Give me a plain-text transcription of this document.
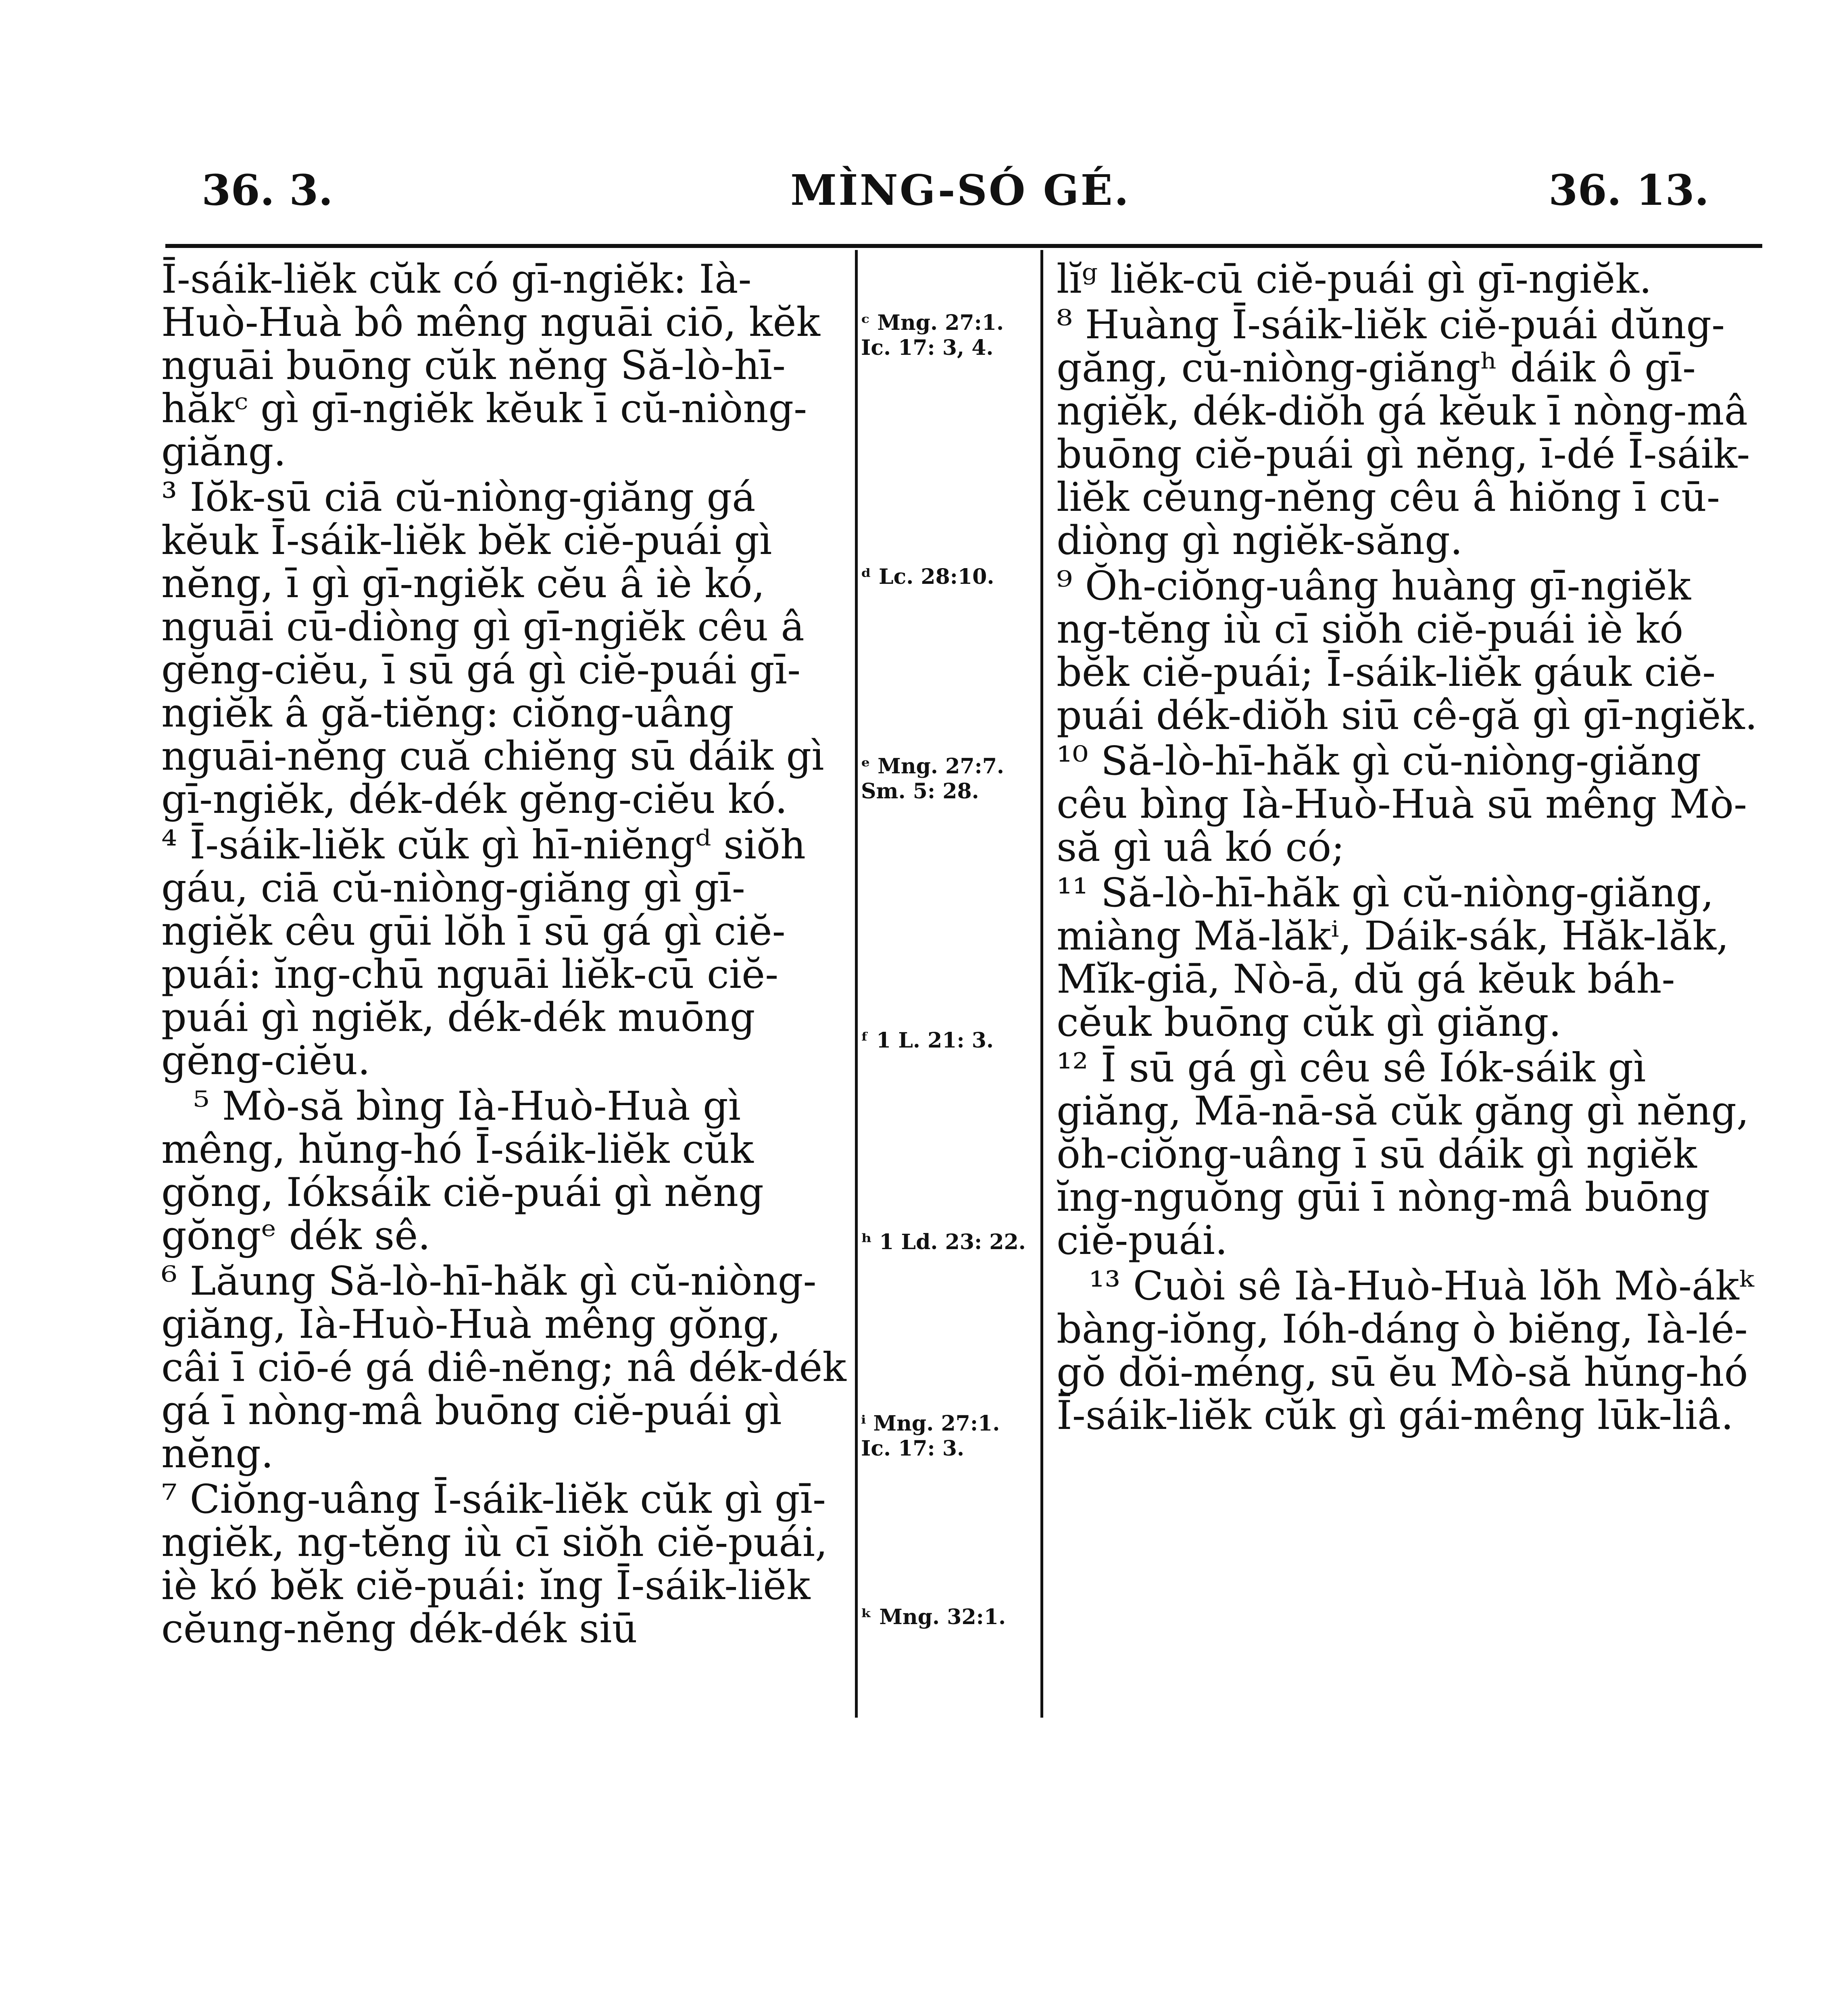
36. 3.	MÌNG-SÓ GÉ.	36. 13.

Ī-sáik-liĕk cŭk có gī-ngiĕk: Ià-Huò-Huà bô mêng nguāi ciō, kĕk nguāi buōng cŭk nĕng Să-lò-hī-hăkᶜ gì gī-ngiĕk kĕuk ī cŭ-niòng-giăng.

³ Iŏk-sū ciā cŭ-niòng-giăng gá kĕuk Ī-sáik-liĕk bĕk ciĕ-puái gì nĕng, ī gì gī-ngiĕk cĕu â iè kó, nguāi cū-diòng gì gī-ngiĕk cêu â gĕng-ciĕu, ī sū gá gì ciĕ-puái gī-ngiĕk â gă-tiĕng: ciŏng-uâng nguāi-nĕng cuă chiĕng sū dáik gì gī-ngiĕk, dék-dék gĕng-ciĕu kó.

⁴ Ī-sáik-liĕk cŭk gì hī-niĕngᵈ siŏh gáu, ciā cŭ-niòng-giăng gì gī-ngiĕk cêu gūi lŏh ī sū gá gì ciĕ-puái: ĭng-chū nguāi liĕk-cū ciĕ-puái gì ngiĕk, dék-dék muōng gĕng-ciĕu.

⁵ Mò-să bìng Ià-Huò-Huà gì mêng, hŭng-hó Ī-sáik-liĕk cŭk gŏng, Ióksáik ciĕ-puái gì nĕng gŏngᵉ dék sê.

⁶ Lăung Să-lò-hī-hăk gì cŭ-niòng-giăng, Ià-Huò-Huà mêng gŏng, câi ī ciō-é gá diê-nĕng; nâ dék-dék gá ī nòng-mâ buōng ciĕ-puái gì nĕng.

⁷ Ciŏng-uâng Ī-sáik-liĕk cŭk gì gī-ngiĕk, ng-tĕng iù cī siŏh ciĕ-puái, iè kó bĕk ciĕ-puái: ĭng Ī-sáik-liĕk cĕung-nĕng dék-dék siū

ᶜ Mng. 27:1. Ic. 17: 3, 4.
ᵈ Lc. 28:10.
ᵉ Mng. 27:7. Sm. 5: 28.
ᶠ 1 L. 21: 3.
ʰ 1 Ld. 23: 22.
ⁱ Mng. 27:1. Ic. 17: 3.
ᵏ Mng. 32:1.

lĭᵍ liĕk-cū ciĕ-puái gì gī-ngiĕk.

⁸ Huàng Ī-sáik-liĕk ciĕ-puái dŭng-găng, cŭ-niòng-giăngʰ dáik ô gī-ngiĕk, dék-diŏh gá kĕuk ī nòng-mâ buōng ciĕ-puái gì nĕng, ī-dé Ī-sáik-liĕk cĕung-nĕng cêu â hiŏng ī cū-diòng gì ngiĕk-săng.

⁹ Ŏh-ciŏng-uâng huàng gī-ngiĕk ng-tĕng iù cī siŏh ciĕ-puái iè kó bĕk ciĕ-puái; Ī-sáik-liĕk gáuk ciĕ-puái dék-diŏh siū cê-gă gì gī-ngiĕk.

¹⁰ Să-lò-hī-hăk gì cŭ-niòng-giăng cêu bìng Ià-Huò-Huà sū mêng Mò-să gì uâ kó có;

¹¹ Să-lò-hī-hăk gì cŭ-niòng-giăng, miàng Mă-lăkⁱ, Dáik-sák, Hăk-lăk, Mĭk-giā, Nò-ā, dŭ gá kĕuk báh-cĕuk buōng cŭk gì giăng.

¹² Ī sū gá gì cêu sê Iók-sáik gì giăng, Mā-nā-să cŭk găng gì nĕng, ŏh-ciŏng-uâng ī sū dáik gì ngiĕk ĭng-nguŏng gūi ī nòng-mâ buōng ciĕ-puái.

¹³ Cuòi sê Ià-Huò-Huà lŏh Mò-ákᵏ bàng-iŏng, Ióh-dáng ò biĕng, Ià-lé-gŏ dŏi-méng, sū ĕu Mò-să hŭng-hó Ī-sáik-liĕk cŭk gì gái-mêng lūk-liâ.
